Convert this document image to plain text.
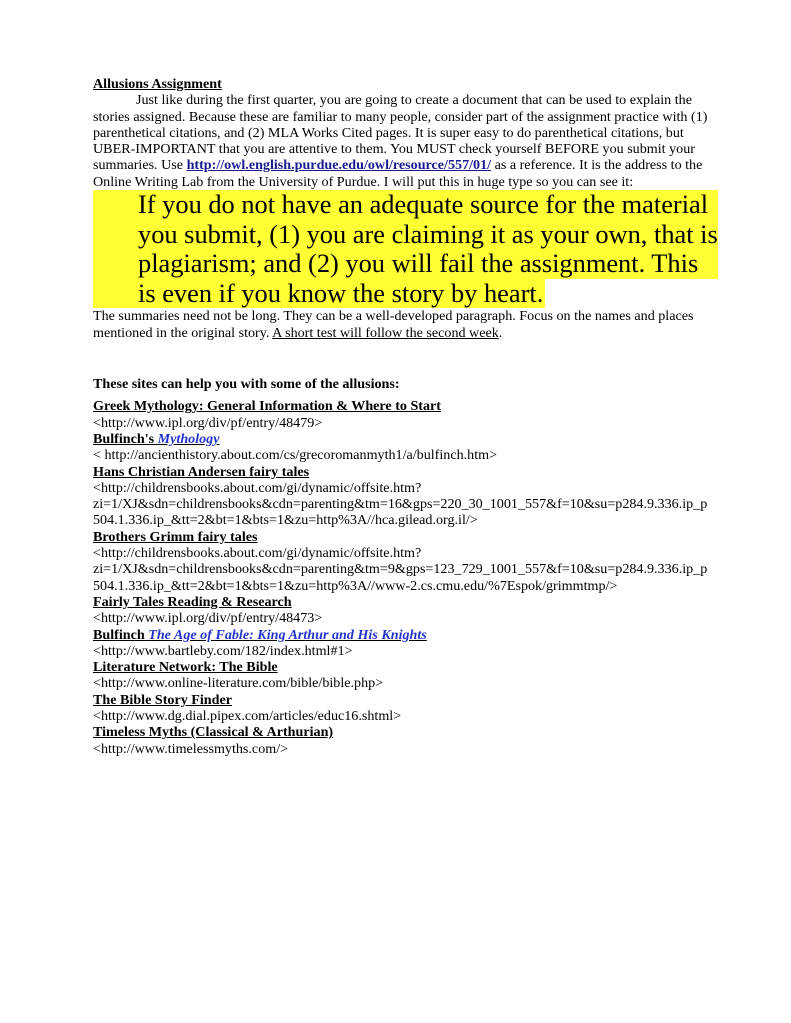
Allusions Assignment

Just like during the first quarter, you are going to create a document that can be used to explain the stories assigned. Because these are familiar to many people, consider part of the assignment practice with (1) parenthetical citations, and (2) MLA Works Cited pages. It is super easy to do parenthetical citations, but UBER-IMPORTANT that you are attentive to them. You MUST check yourself BEFORE you submit your summaries. Use http://owl.english.purdue.edu/owl/resource/557/01/ as a reference. It is the address to the Online Writing Lab from the University of Purdue. I will put this in huge type so you can see it:

If you do not have an adequate source for the material
you submit, (1) you are claiming it as your own, that is
plagiarism; and (2) you will fail the assignment. This
is even if you know the story by heart.

The summaries need not be long. They can be a well-developed paragraph. Focus on the names and places mentioned in the original story. A short test will follow the second week.

These sites can help you with some of the allusions:
Greek Mythology: General Information & Where to Start
<http://www.ipl.org/div/pf/entry/48479>
Bulfinch's Mythology
< http://ancienthistory.about.com/cs/grecoromanmyth1/a/bulfinch.htm>
Hans Christian Andersen fairy tales
<http://childrensbooks.about.com/gi/dynamic/offsite.htm?
zi=1/XJ&sdn=childrensbooks&cdn=parenting&tm=16&gps=220_30_1001_557&f=10&su=p284.9.336.ip_p
504.1.336.ip_&tt=2&bt=1&bts=1&zu=http%3A//hca.gilead.org.il/>
Brothers Grimm fairy tales
<http://childrensbooks.about.com/gi/dynamic/offsite.htm?
zi=1/XJ&sdn=childrensbooks&cdn=parenting&tm=9&gps=123_729_1001_557&f=10&su=p284.9.336.ip_p
504.1.336.ip_&tt=2&bt=1&bts=1&zu=http%3A//www-2.cs.cmu.edu/%7Espok/grimmtmp/>
Fairly Tales Reading & Research
<http://www.ipl.org/div/pf/entry/48473>
Bulfinch The Age of Fable: King Arthur and His Knights
<http://www.bartleby.com/182/index.html#1>
Literature Network: The Bible
<http://www.online-literature.com/bible/bible.php>
The Bible Story Finder
<http://www.dg.dial.pipex.com/articles/educ16.shtml>
Timeless Myths (Classical & Arthurian)
<http://www.timelessmyths.com/>
